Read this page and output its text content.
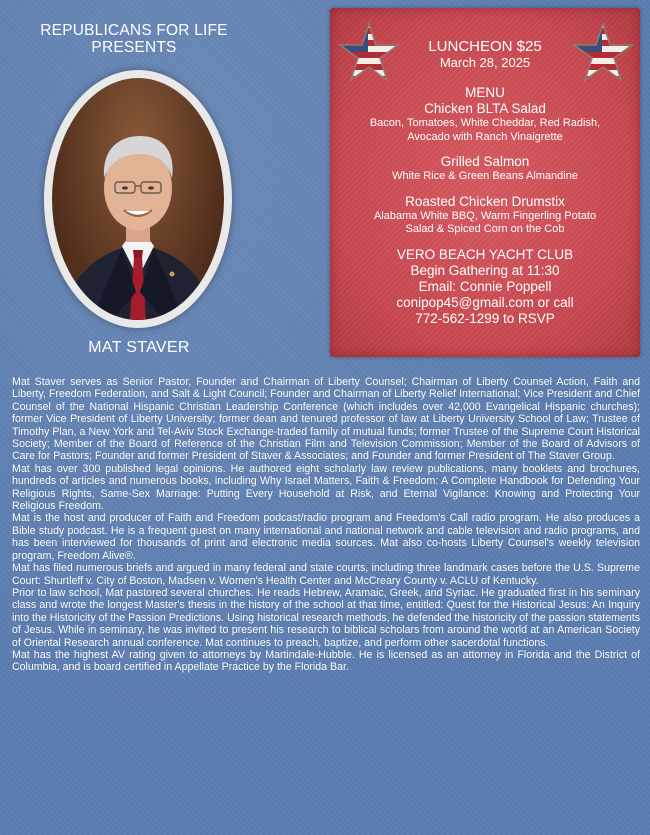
REPUBLICANS FOR LIFE
PRESENTS
MAT STAVER
LUNCHEON $25
March 28, 2025
MENU
Chicken BLTA Salad
Bacon, Tomatoes, White Cheddar, Red Radish,
Avocado with Ranch Vinaigrette
Grilled Salmon
White Rice & Green Beans Almandine
Roasted Chicken Drumstix
Alabama White BBQ, Warm Fingerling Potato
Salad & Spiced Corn on the Cob
VERO BEACH YACHT CLUB
Begin Gathering at 11:30
Email: Connie Poppell
conipop45@gmail.com or call
772-562-1299 to RSVP

Mat Staver serves as Senior Pastor, Founder and Chairman of Liberty Counsel; Chairman of Liberty Counsel Action, Faith and Liberty, Freedom Federation, and Salt & Light Council; Founder and Chairman of Liberty Relief International; Vice President and Chief Counsel of the National Hispanic Christian Leadership Conference (which includes over 42,000 Evangelical Hispanic churches); former Vice President of Liberty University; former dean and tenured professor of law at Liberty University School of Law; Trustee of Timothy Plan, a New York and Tel-Aviv Stock Exchange-traded family of mutual funds; former Trustee of the Supreme Court Historical Society; Member of the Board of Reference of the Christian Film and Television Commission; Member of the Board of Advisors of Care for Pastors; Founder and former President of Staver & Associates; and Founder and former President of The Staver Group.

Mat has over 300 published legal opinions. He authored eight scholarly law review publications, many booklets and brochures, hundreds of articles and numerous books, including Why Israel Matters, Faith & Freedom: A Complete Handbook for Defending Your Religious Rights, Same-Sex Marriage: Putting Every Household at Risk, and Eternal Vigilance: Knowing and Protecting Your Religious Freedom.

Mat is the host and producer of Faith and Freedom podcast/radio program and Freedom's Call radio program. He also produces a Bible study podcast. He is a frequent guest on many international and national network and cable television and radio programs, and has been interviewed for thousands of print and electronic media sources. Mat also co-hosts Liberty Counsel's weekly television program, Freedom Alive®.

Mat has filed numerous briefs and argued in many federal and state courts, including three landmark cases before the U.S. Supreme Court: Shurtleff v. City of Boston, Madsen v. Women's Health Center and McCreary County v. ACLU of Kentucky.

Prior to law school, Mat pastored several churches. He reads Hebrew, Aramaic, Greek, and Syriac. He graduated first in his seminary class and wrote the longest Master's thesis in the history of the school at that time, entitled: Quest for the Historical Jesus: An Inquiry into the Historicity of the Passion Predictions. Using historical research methods, he defended the historicity of the passion statements of Jesus. While in seminary, he was invited to present his research to biblical scholars from around the world at an American Society of Oriental Research annual conference. Mat continues to preach, baptize, and perform other sacerdotal functions.

Mat has the highest AV rating given to attorneys by Martindale-Hubble. He is licensed as an attorney in Florida and the District of Columbia, and is board certified in Appellate Practice by the Florida Bar.
